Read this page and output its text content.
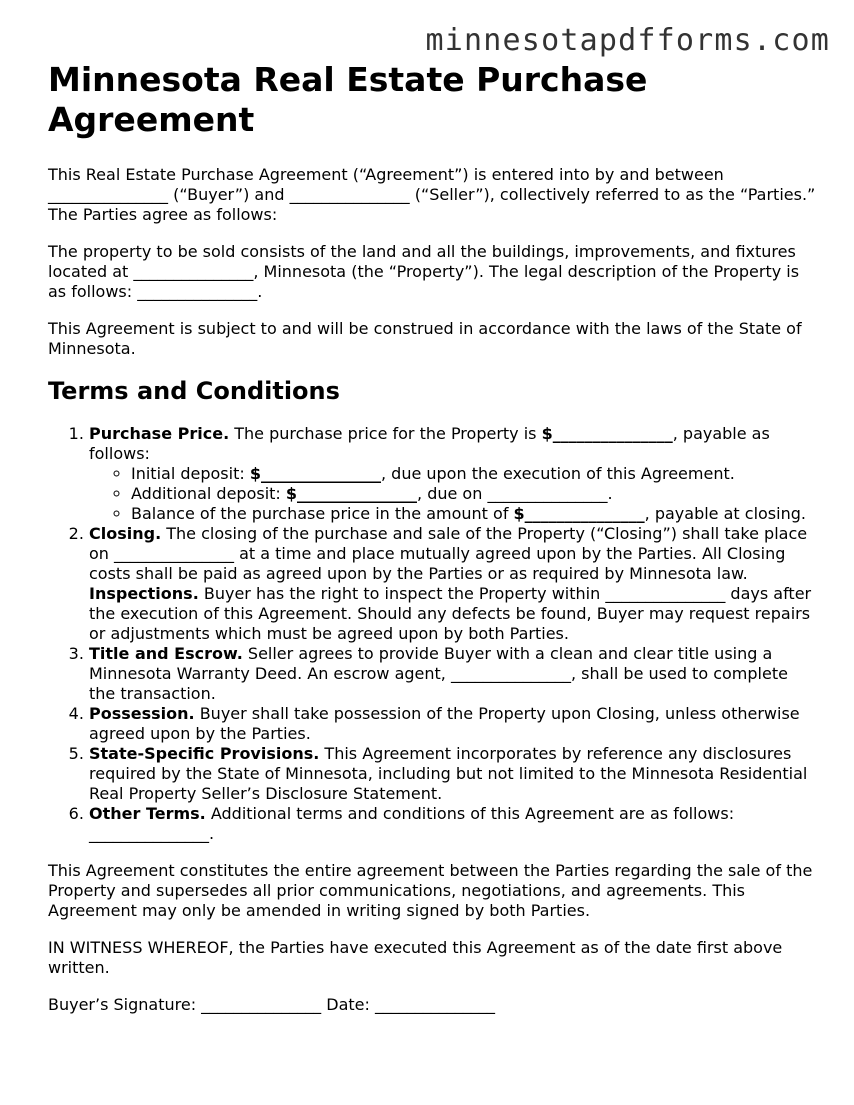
minnesotapdfforms.com
Minnesota Real Estate Purchase Agreement

This Real Estate Purchase Agreement (“Agreement”) is entered into by and between _______________ (“Buyer”) and _______________ (“Seller”), collectively referred to as the “Parties.” The Parties agree as follows:

The property to be sold consists of the land and all the buildings, improvements, and fixtures located at _______________, Minnesota (the “Property”). The legal description of the Property is as follows: _______________.

This Agreement is subject to and will be construed in accordance with the laws of the State of Minnesota.

Terms and Conditions
1. Purchase Price. The purchase price for the Property is $_______________, payable as follows:
◦ Initial deposit: $_______________, due upon the execution of this Agreement.
◦ Additional deposit: $_______________, due on _______________.
◦ Balance of the purchase price in the amount of $_______________, payable at closing.
2. Closing. The closing of the purchase and sale of the Property (“Closing”) shall take place on _______________ at a time and place mutually agreed upon by the Parties. All Closing costs shall be paid as agreed upon by the Parties or as required by Minnesota law.
Inspections. Buyer has the right to inspect the Property within _______________ days after the execution of this Agreement. Should any defects be found, Buyer may request repairs or adjustments which must be agreed upon by both Parties.
3. Title and Escrow. Seller agrees to provide Buyer with a clean and clear title using a Minnesota Warranty Deed. An escrow agent, _______________, shall be used to complete the transaction.
4. Possession. Buyer shall take possession of the Property upon Closing, unless otherwise agreed upon by the Parties.
5. State-Specific Provisions. This Agreement incorporates by reference any disclosures required by the State of Minnesota, including but not limited to the Minnesota Residential Real Property Seller’s Disclosure Statement.
6. Other Terms. Additional terms and conditions of this Agreement are as follows: _______________.

This Agreement constitutes the entire agreement between the Parties regarding the sale of the Property and supersedes all prior communications, negotiations, and agreements. This Agreement may only be amended in writing signed by both Parties.

IN WITNESS WHEREOF, the Parties have executed this Agreement as of the date first above written.

Buyer’s Signature: _______________ Date: _______________
